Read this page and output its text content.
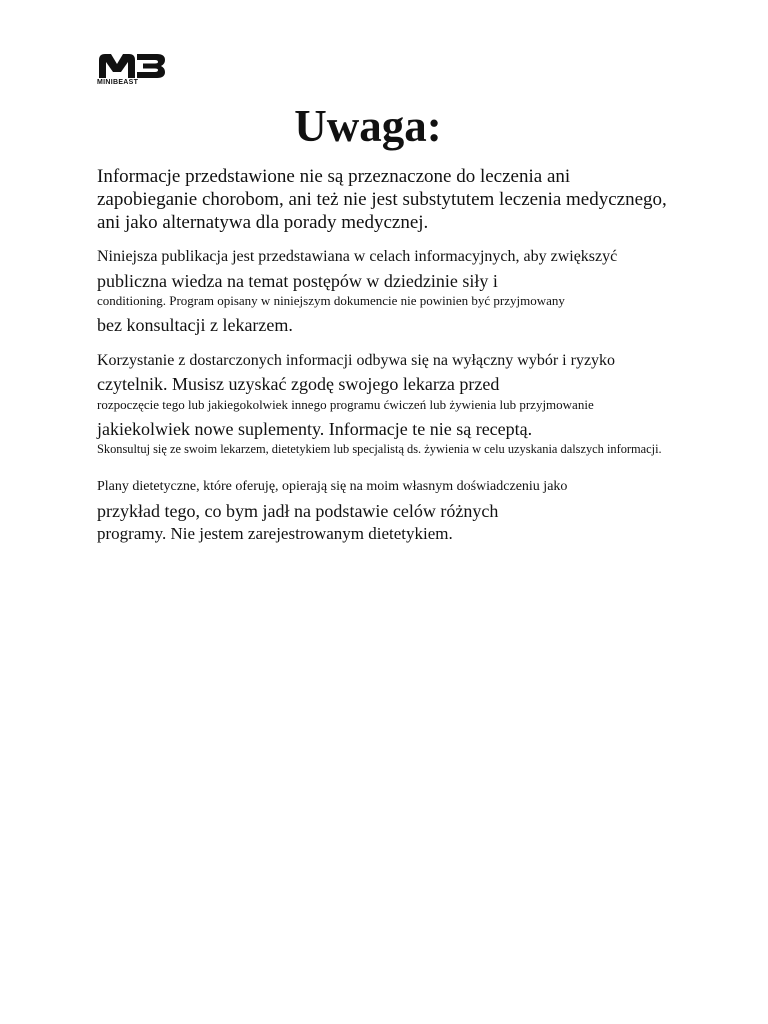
MINIBEAST
Uwaga:

Informacje przedstawione nie są przeznaczone do leczenia ani

zapobieganie chorobom, ani też nie jest substytutem leczenia medycznego,

ani jako alternatywa dla porady medycznej.

Niniejsza publikacja jest przedstawiana w celach informacyjnych, aby zwiększyć

publiczna wiedza na temat postępów w dziedzinie siły i

conditioning. Program opisany w niniejszym dokumencie nie powinien być przyjmowany

bez konsultacji z lekarzem.

Korzystanie z dostarczonych informacji odbywa się na wyłączny wybór i ryzyko

czytelnik. Musisz uzyskać zgodę swojego lekarza przed

rozpoczęcie tego lub jakiegokolwiek innego programu ćwiczeń lub żywienia lub przyjmowanie

jakiekolwiek nowe suplementy. Informacje te nie są receptą.

Skonsultuj się ze swoim lekarzem, dietetykiem lub specjalistą ds. żywienia w celu uzyskania dalszych informacji.

Plany dietetyczne, które oferuję, opierają się na moim własnym doświadczeniu jako

przykład tego, co bym jadł na podstawie celów różnych

programy. Nie jestem zarejestrowanym dietetykiem.
